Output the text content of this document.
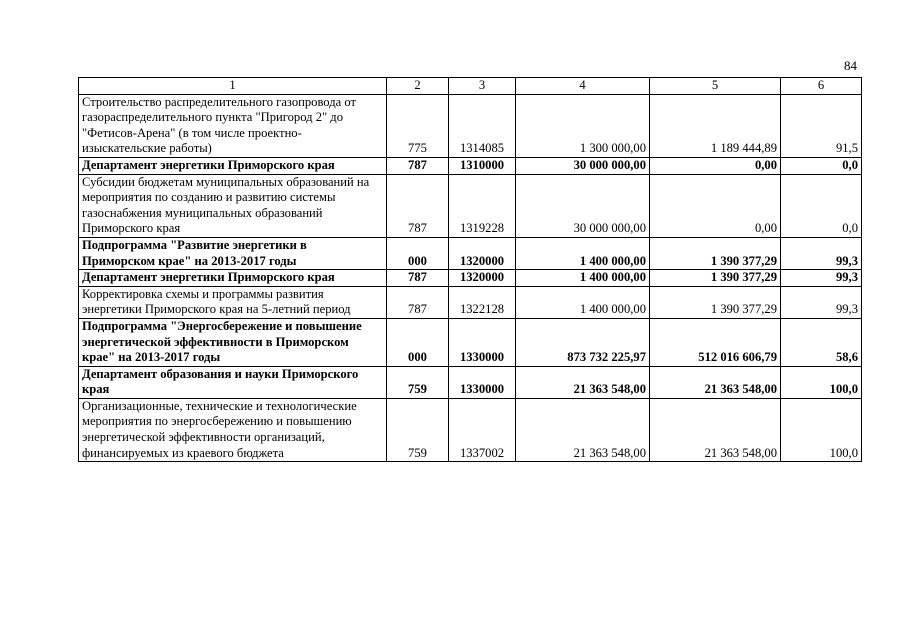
84
1	2	3	4	5	6
Строительство распределительного газопровода от газораспределительного пункта "Пригород 2" до "Фетисов-Арена" (в том числе проектно-изыскательские работы)	775	1314085	1 300 000,00	1 189 444,89	91,5
Департамент энергетики Приморского края	787	1310000	30 000 000,00	0,00	0,0
Субсидии бюджетам муниципальных образований на мероприятия по созданию и развитию системы газоснабжения муниципальных образований Приморского края	787	1319228	30 000 000,00	0,00	0,0
Подпрограмма "Развитие энергетики в Приморском крае" на 2013-2017 годы	000	1320000	1 400 000,00	1 390 377,29	99,3
Департамент энергетики Приморского края	787	1320000	1 400 000,00	1 390 377,29	99,3
Корректировка схемы и программы развития энергетики Приморского края на 5-летний период	787	1322128	1 400 000,00	1 390 377,29	99,3
Подпрограмма "Энергосбережение и повышение энергетической эффективности в Приморском крае" на 2013-2017 годы	000	1330000	873 732 225,97	512 016 606,79	58,6
Департамент образования и науки Приморского края	759	1330000	21 363 548,00	21 363 548,00	100,0
Организационные, технические и технологические мероприятия по энергосбережению и повышению энергетической эффективности организаций, финансируемых из краевого бюджета	759	1337002	21 363 548,00	21 363 548,00	100,0
